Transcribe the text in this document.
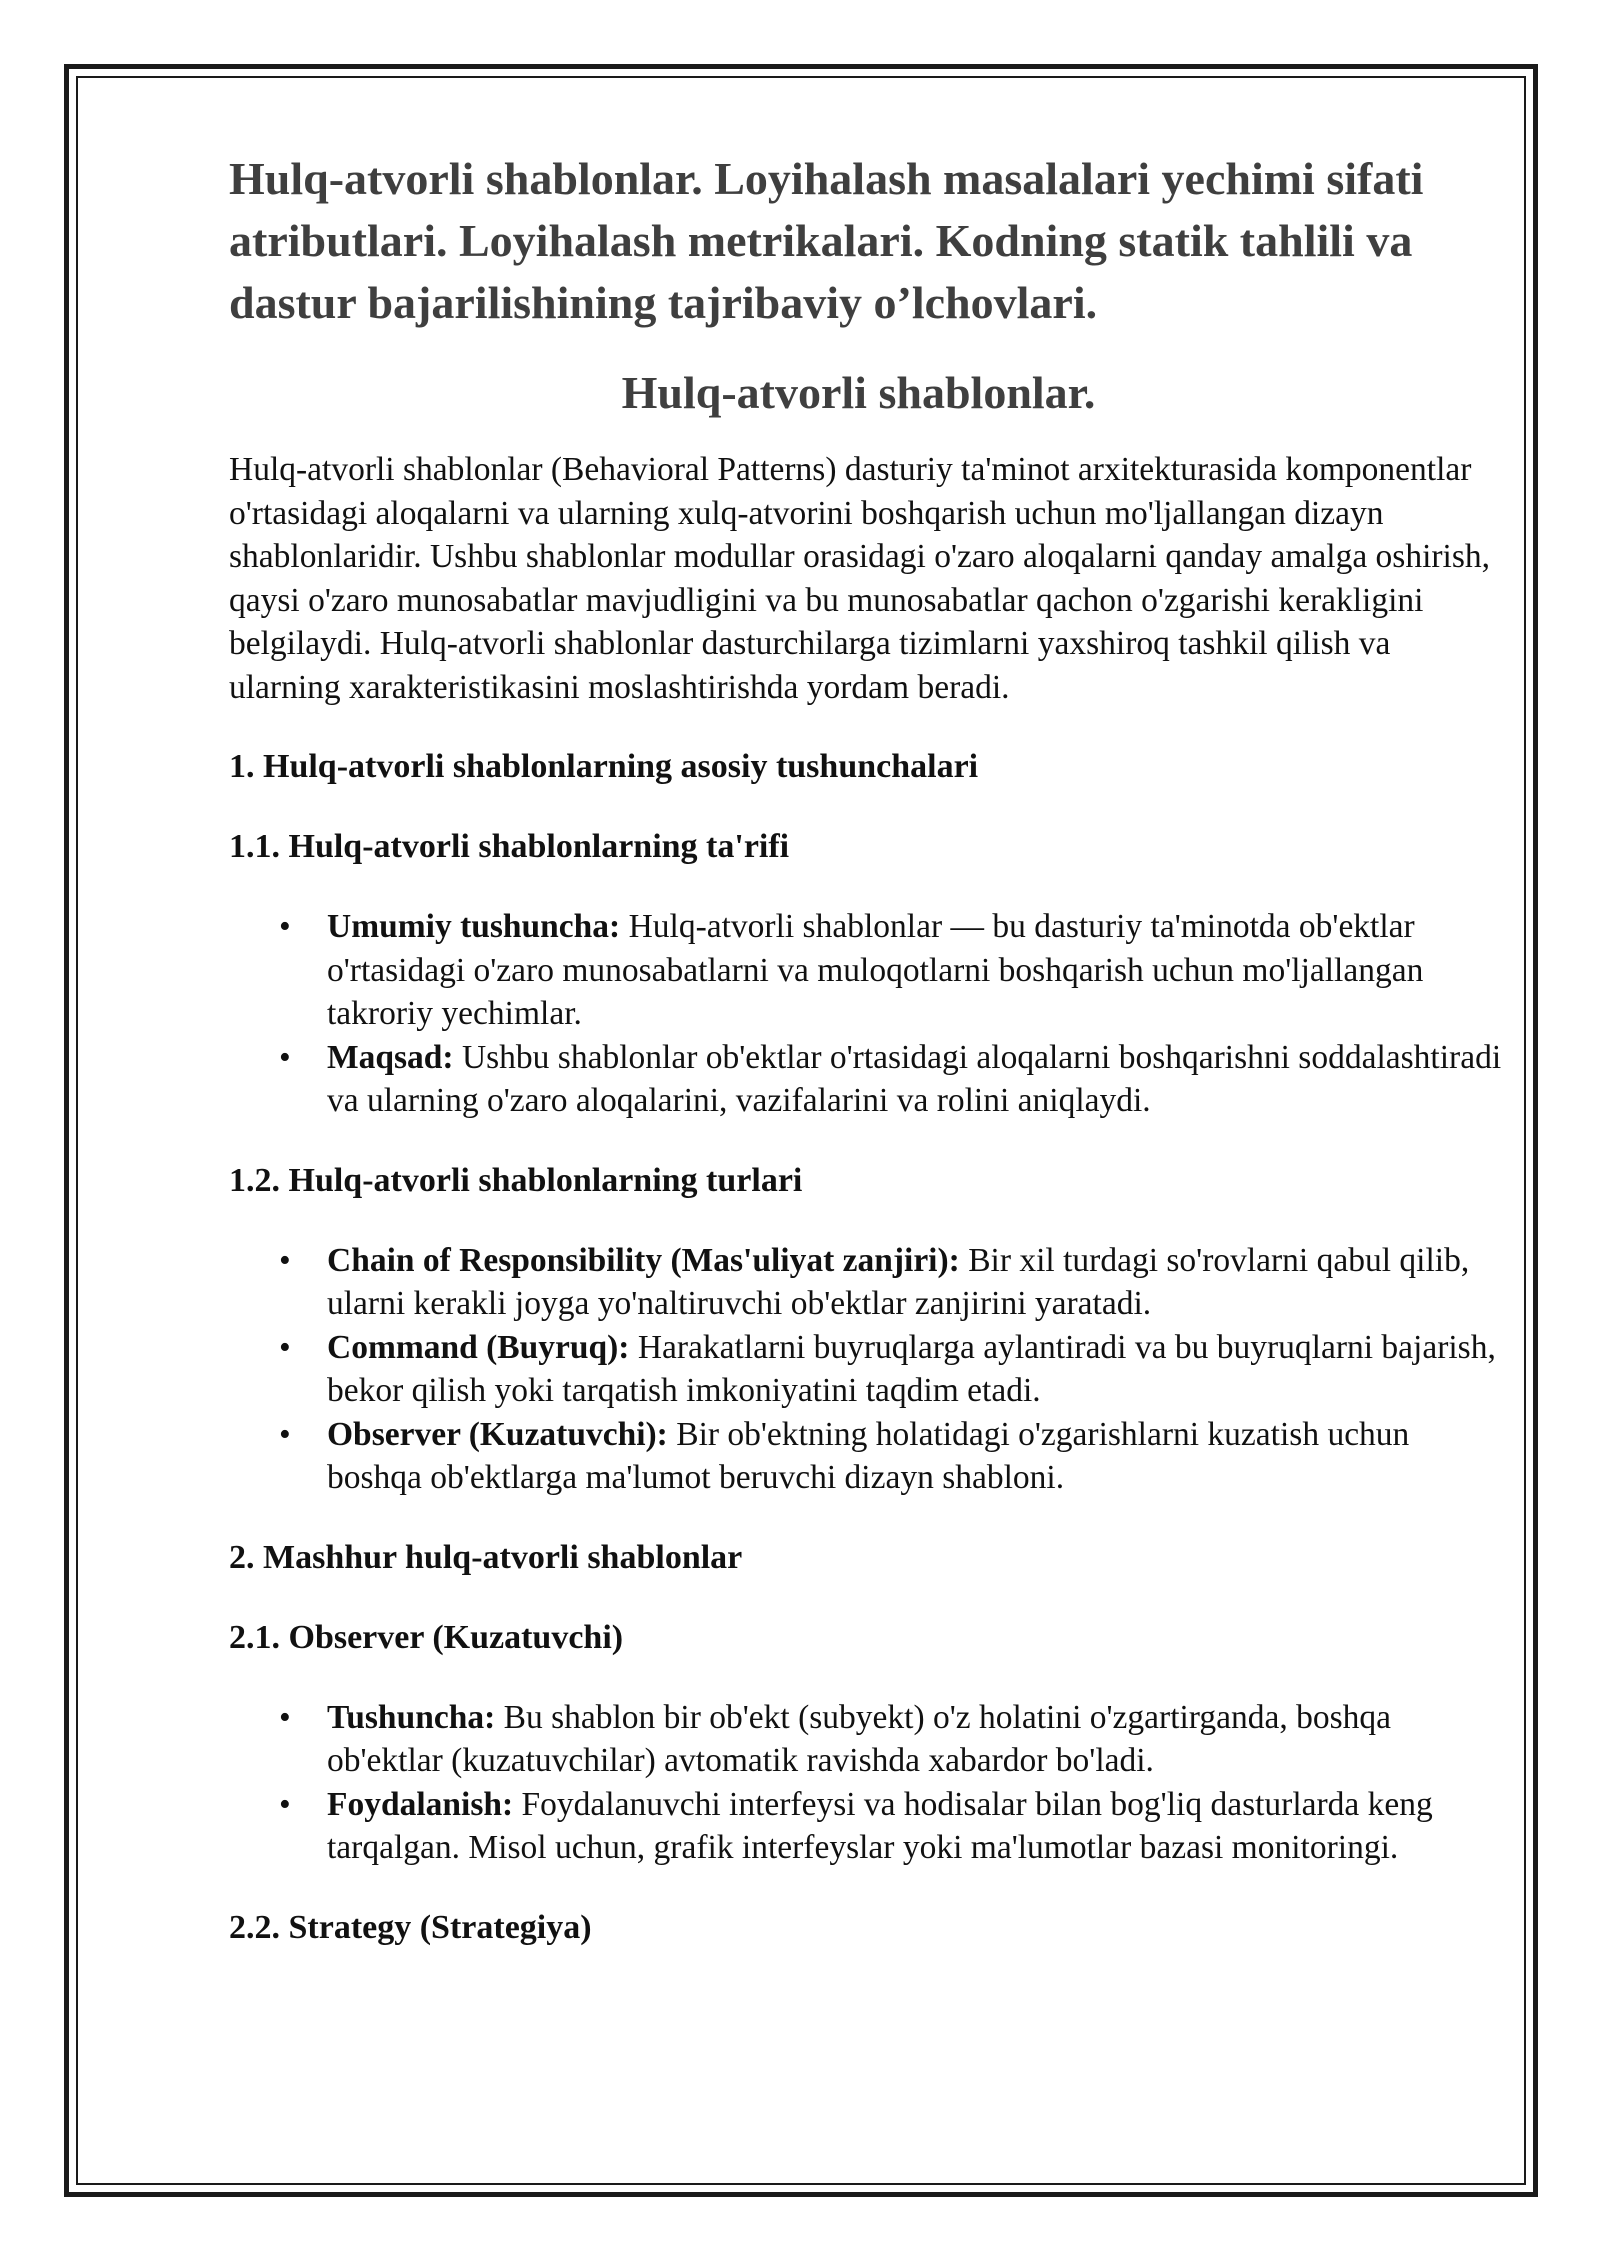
Hulq-atvorli shablonlar. Loyihalash masalalari yechimi sifati atributlari. Loyihalash metrikalari. Kodning statik tahlili va dastur bajarilishining tajribaviy o’lchovlari.
Hulq-atvorli shablonlar.

Hulq-atvorli shablonlar (Behavioral Patterns) dasturiy ta'minot arxitekturasida komponentlar o'rtasidagi aloqalarni va ularning xulq-atvorini boshqarish uchun mo'ljallangan dizayn shablonlaridir. Ushbu shablonlar modullar orasidagi o'zaro aloqalarni qanday amalga oshirish, qaysi o'zaro munosabatlar mavjudligini va bu munosabatlar qachon o'zgarishi kerakligini belgilaydi. Hulq-atvorli shablonlar dasturchilarga tizimlarni yaxshiroq tashkil qilish va ularning xarakteristikasini moslashtirishda yordam beradi.

1. Hulq-atvorli shablonlarning asosiy tushunchalari
1.1. Hulq-atvorli shablonlarning ta'rifi
• Umumiy tushuncha: Hulq-atvorli shablonlar — bu dasturiy ta'minotda ob'ektlar o'rtasidagi o'zaro munosabatlarni va muloqotlarni boshqarish uchun mo'ljallangan takroriy yechimlar.
• Maqsad: Ushbu shablonlar ob'ektlar o'rtasidagi aloqalarni boshqarishni soddalashtiradi va ularning o'zaro aloqalarini, vazifalarini va rolini aniqlaydi.
1.2. Hulq-atvorli shablonlarning turlari
• Chain of Responsibility (Mas'uliyat zanjiri): Bir xil turdagi so'rovlarni qabul qilib, ularni kerakli joyga yo'naltiruvchi ob'ektlar zanjirini yaratadi.
• Command (Buyruq): Harakatlarni buyruqlarga aylantiradi va bu buyruqlarni bajarish, bekor qilish yoki tarqatish imkoniyatini taqdim etadi.
• Observer (Kuzatuvchi): Bir ob'ektning holatidagi o'zgarishlarni kuzatish uchun boshqa ob'ektlarga ma'lumot beruvchi dizayn shabloni.
2. Mashhur hulq-atvorli shablonlar
2.1. Observer (Kuzatuvchi)
• Tushuncha: Bu shablon bir ob'ekt (subyekt) o'z holatini o'zgartirganda, boshqa ob'ektlar (kuzatuvchilar) avtomatik ravishda xabardor bo'ladi.
• Foydalanish: Foydalanuvchi interfeysi va hodisalar bilan bog'liq dasturlarda keng tarqalgan. Misol uchun, grafik interfeyslar yoki ma'lumotlar bazasi monitoringi.
2.2. Strategy (Strategiya)
